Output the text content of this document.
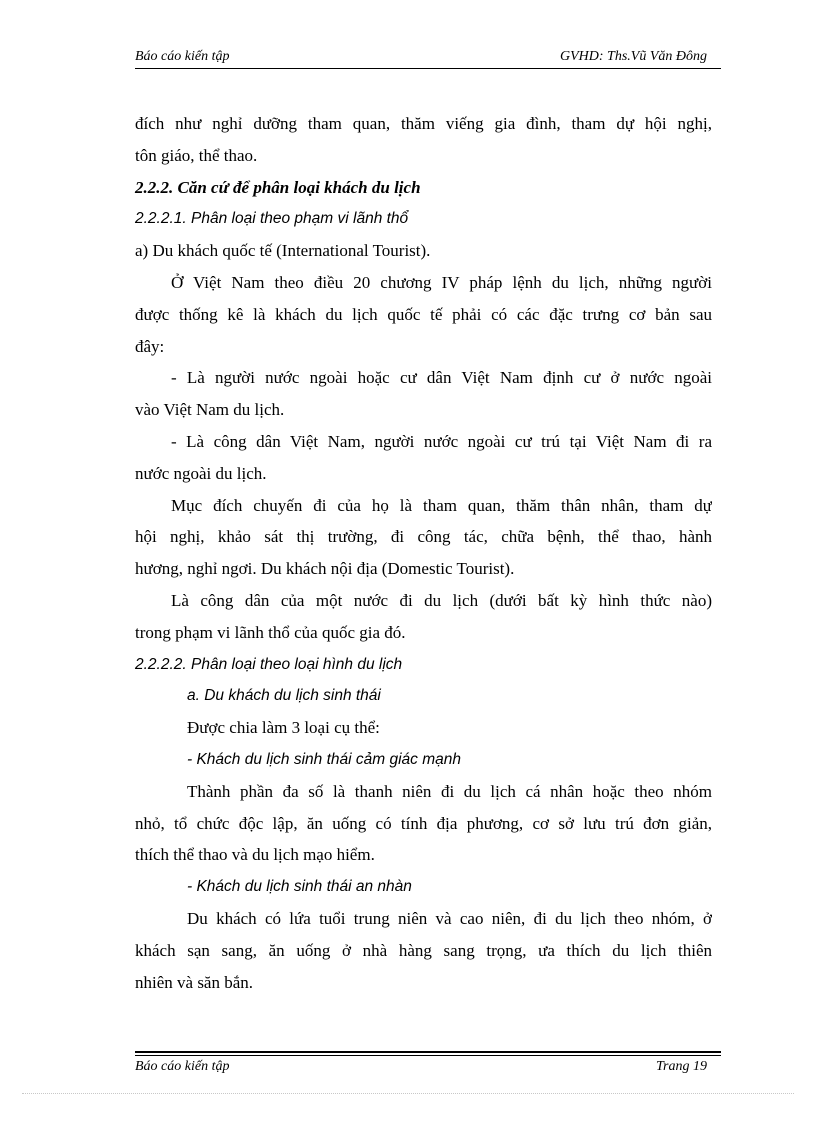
Báo cáo kiến tập	GVHD: Ths.Vũ Văn Đông
đích như nghỉ dưỡng tham quan, thăm viếng gia đình, tham dự hội nghị,
tôn giáo, thể thao.
2.2.2. Căn cứ để phân loại khách du lịch
2.2.2.1. Phân loại theo phạm vi lãnh thổ
a) Du khách quốc tế (International Tourist).
Ở Việt Nam theo điều 20 chương IV pháp lệnh du lịch, những người
được thống kê là khách du lịch quốc tế phải có các đặc trưng cơ bản sau
đây:
- Là người nước ngoài hoặc cư dân Việt Nam định cư ở nước ngoài
vào Việt Nam du lịch.
- Là công dân Việt Nam, người nước ngoài cư trú tại Việt Nam đi ra
nước ngoài du lịch.
Mục đích chuyến đi của họ là tham quan, thăm thân nhân, tham dự
hội nghị, khảo sát thị trường, đi công tác, chữa bệnh, thể thao, hành
hương, nghỉ ngơi. Du khách nội địa (Domestic Tourist).
Là công dân của một nước đi du lịch (dưới bất kỳ hình thức nào)
trong phạm vi lãnh thổ của quốc gia đó.
2.2.2.2. Phân loại theo loại hình du lịch
a. Du khách du lịch sinh thái
Được chia làm 3 loại cụ thể:
- Khách du lịch sinh thái cảm giác mạnh
Thành phần đa số là thanh niên đi du lịch cá nhân hoặc theo nhóm
nhỏ, tổ chức độc lập, ăn uống có tính địa phương, cơ sở lưu trú đơn giản,
thích thể thao và du lịch mạo hiểm.
- Khách du lịch sinh thái an nhàn
Du khách có lứa tuổi trung niên và cao niên, đi du lịch theo nhóm, ở
khách sạn sang, ăn uống ở nhà hàng sang trọng, ưa thích du lịch thiên
nhiên và săn bắn.
Báo cáo kiến tập	Trang 19
